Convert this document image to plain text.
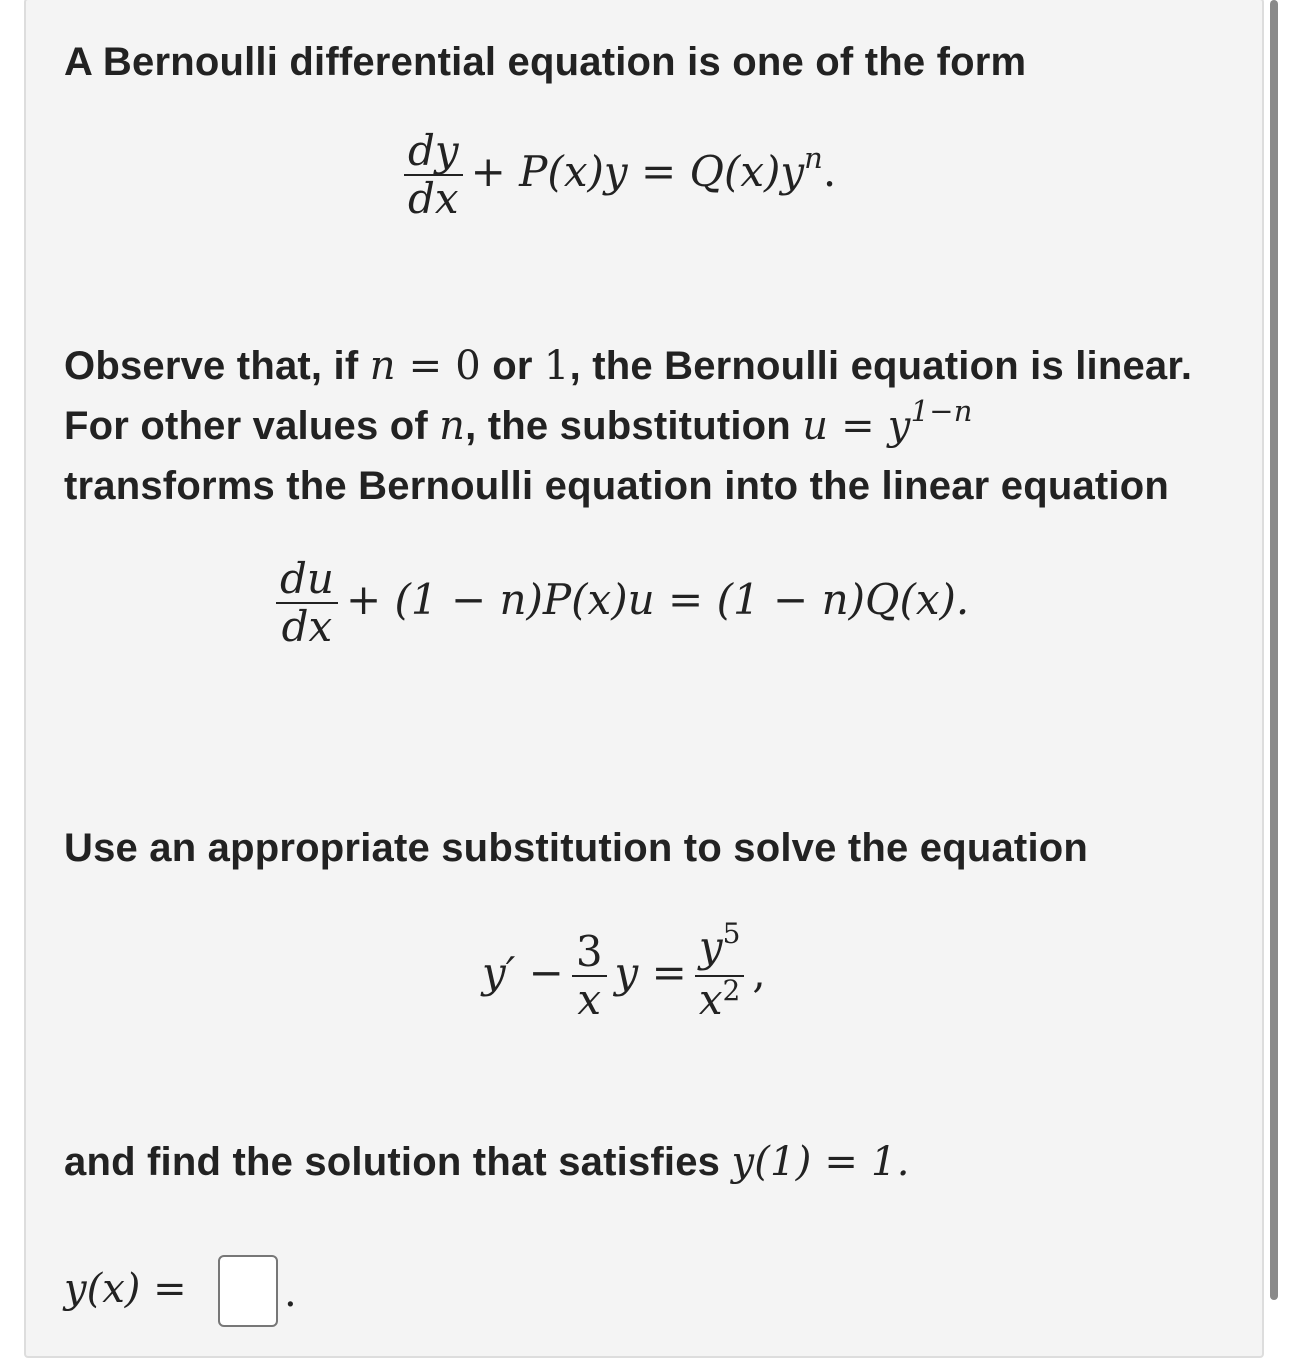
A Bernoulli differential equation is one of the form
$\frac{dy}{dx} + P(x)y = Q(x)y^n$.
Observe that, if n = 0 or 1, the Bernoulli equation is linear.
For other values of n, the substitution $u = y^{1-n}$
transforms the Bernoulli equation into the linear equation
$\frac{du}{dx} + (1 - n)P(x)u = (1 - n)Q(x)$.
Use an appropriate substitution to solve the equation
$y' - \frac{3}{x}$ $y = \frac{y^5}{x^2}$ ,
and find the solution that satisfies y(1) = 1.
y(x) = .
